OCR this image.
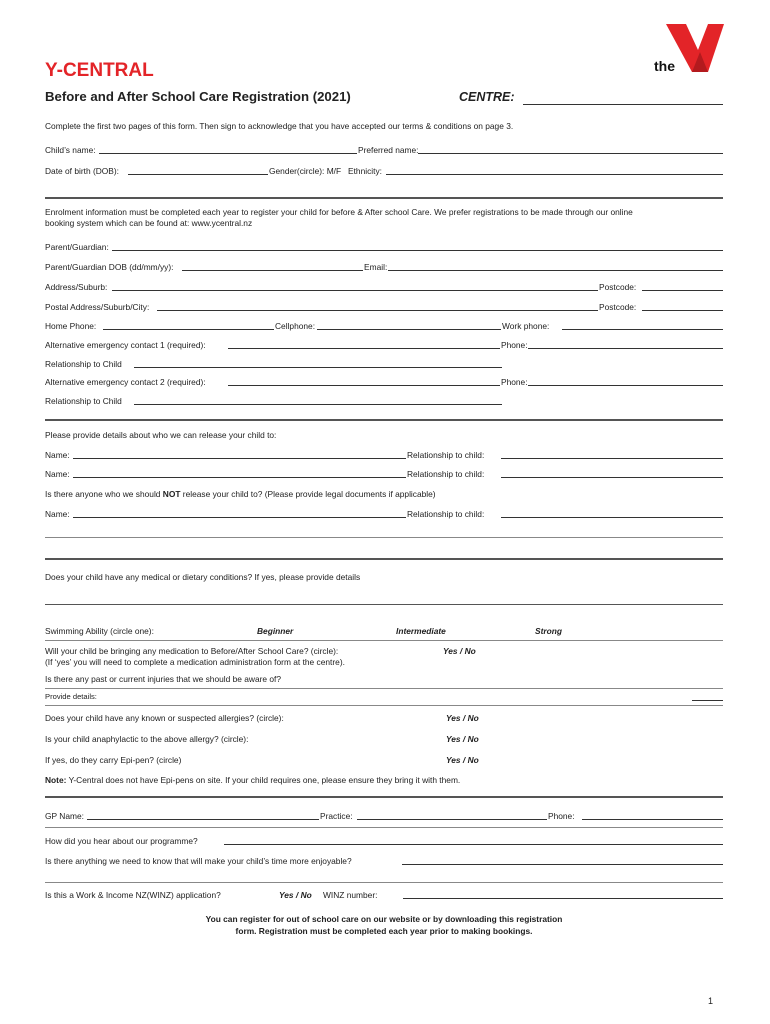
Y-CENTRAL
Before and After School Care Registration (2021)	CENTRE:
the
Complete the first two pages of this form. Then sign to acknowledge that you have accepted our terms & conditions on page 3.
Child’s name:	Preferred name:
Date of birth (DOB):	Gender(circle): M/F Ethnicity:
Enrolment information must be completed each year to register your child for before & After school Care. We prefer registrations to be made through our online
booking system which can be found at: www.ycentral.nz
Parent/Guardian:
Parent/Guardian DOB (dd/mm/yy):	Email:
Address/Suburb:	Postcode:
Postal Address/Suburb/City:	Postcode:
Home Phone:	Cellphone:	Work phone:
Alternative emergency contact 1 (required):	Phone:
Relationship to Child
Alternative emergency contact 2 (required):	Phone:
Relationship to Child
Please provide details about who we can release your child to:
Name:	Relationship to child:
Name:	Relationship to child:
Is there anyone who we should NOT release your child to? (Please provide legal documents if applicable)
Name:	Relationship to child:
Does your child have any medical or dietary conditions? If yes, please provide details
Swimming Ability (circle one):	Beginner	Intermediate	Strong
Will your child be bringing any medication to Before/After School Care? (circle):	Yes / No
(If ‘yes’ you will need to complete a medication administration form at the centre).
Is there any past or current injuries that we should be aware of?
Provide details:
Does your child have any known or suspected allergies? (circle):	Yes / No
Is your child anaphylactic to the above allergy? (circle):	Yes / No
If yes, do they carry Epi-pen? (circle)	Yes / No
Note: Y-Central does not have Epi-pens on site. If your child requires one, please ensure they bring it with them.
GP Name:	Practice:	Phone:
How did you hear about our programme?
Is there anything we need to know that will make your child’s time more enjoyable?
Is this a Work & Income NZ(WINZ) application?	Yes / No WINZ number:
You can register for out of school care on our website or by downloading this registration
form. Registration must be completed each year prior to making bookings.
1
